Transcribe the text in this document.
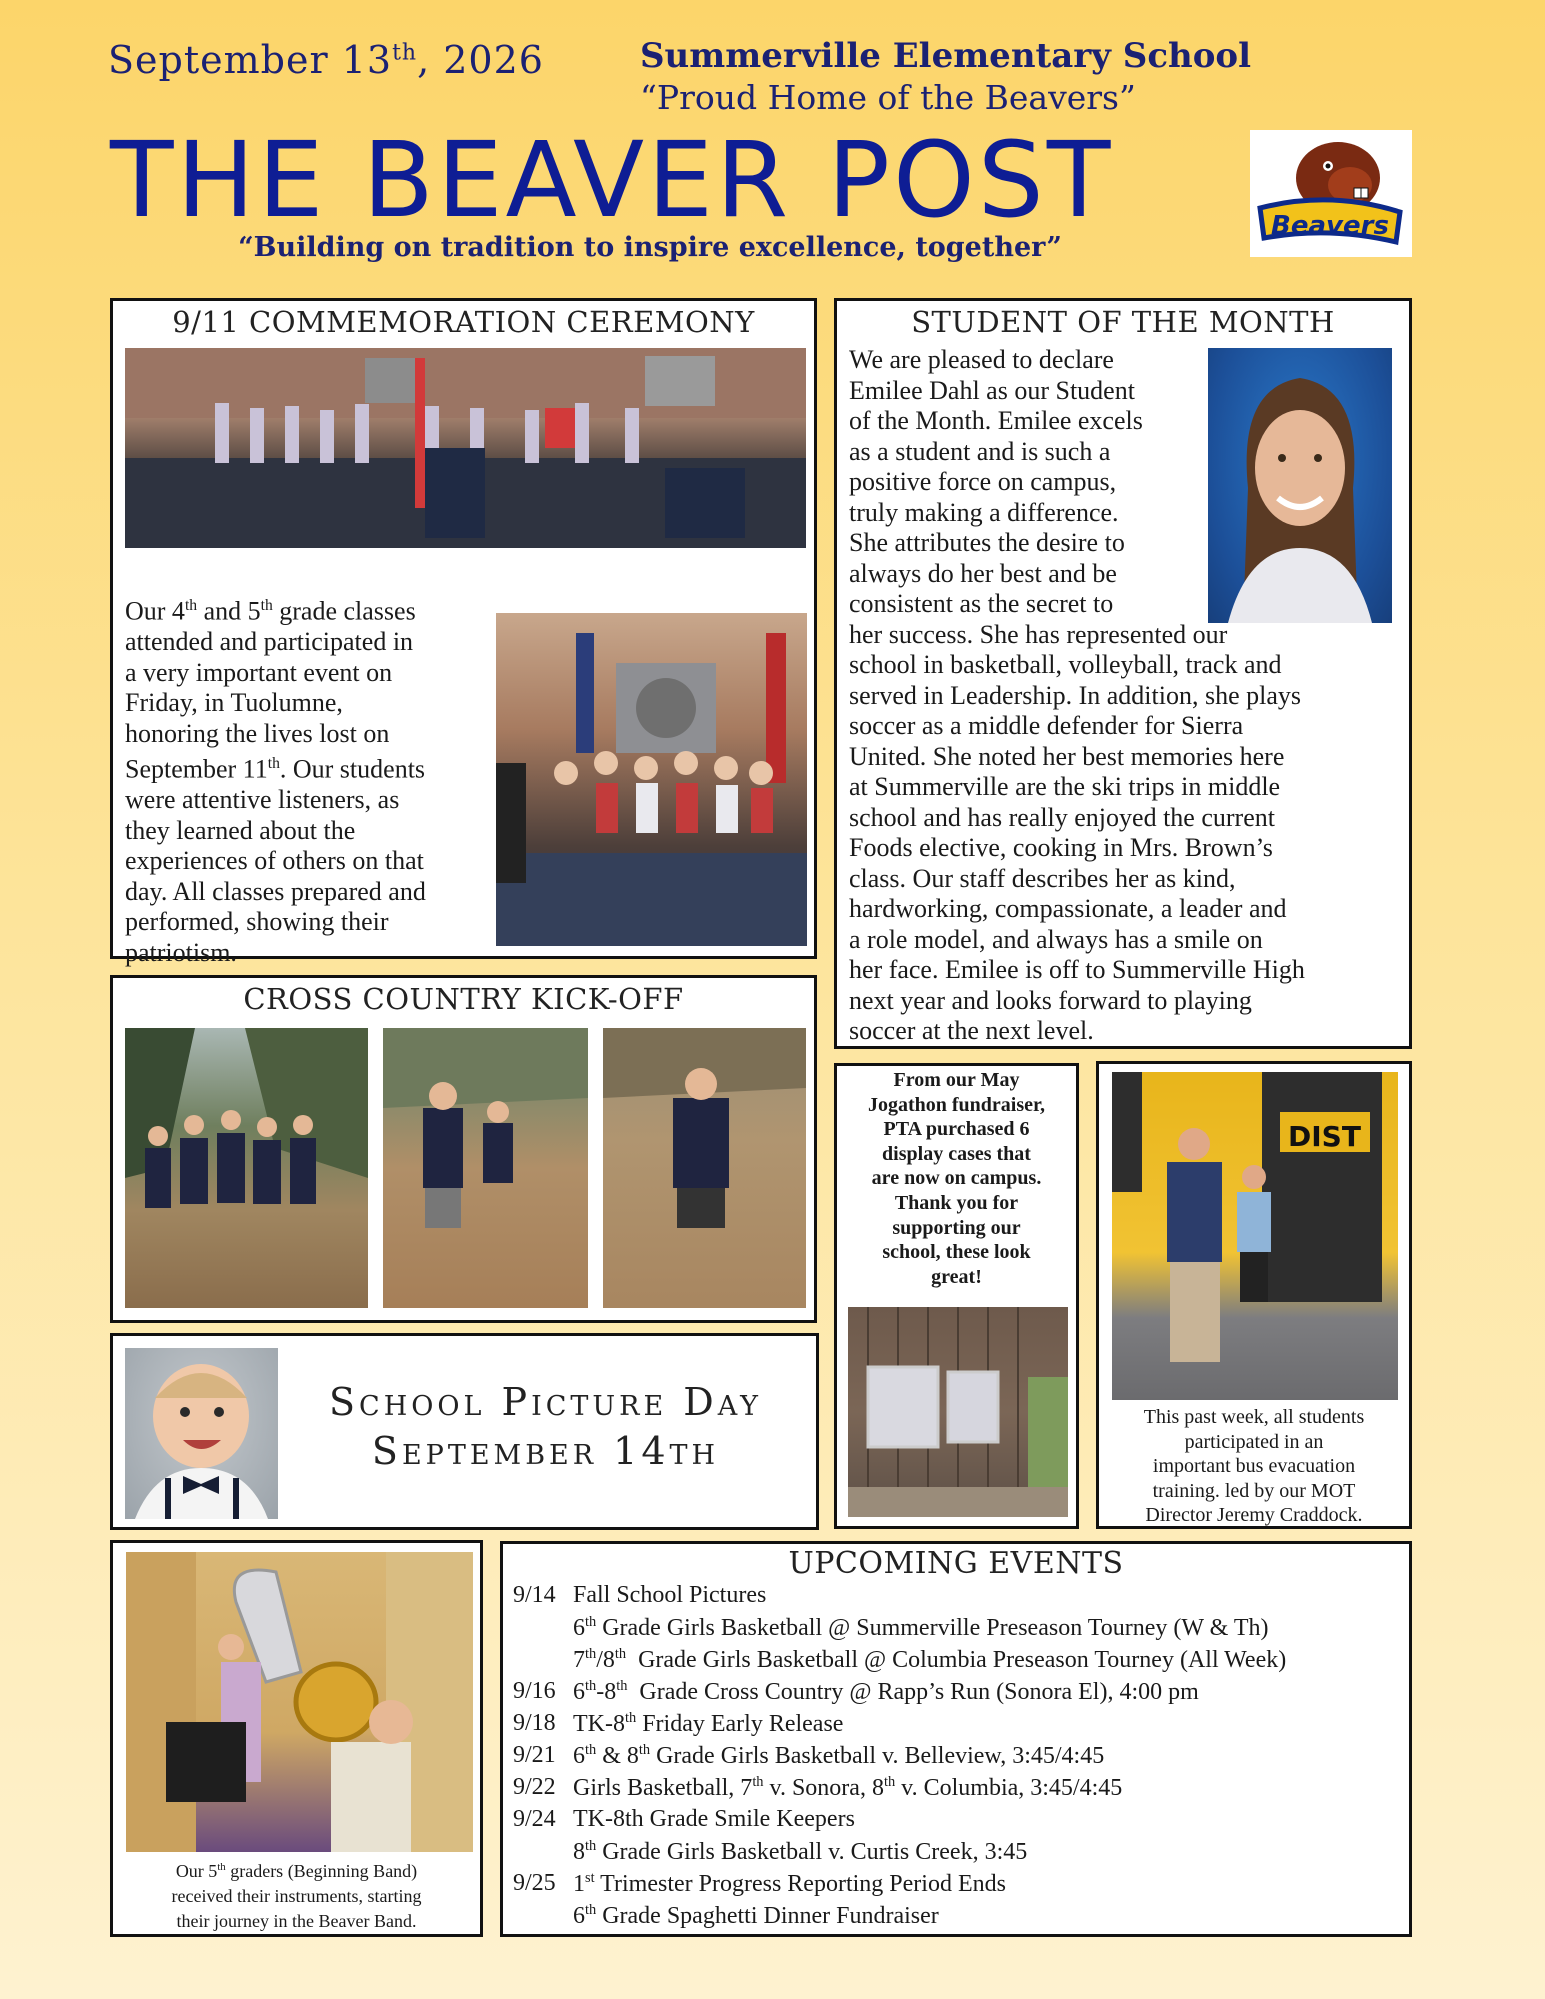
September 13th, 2026	Summerville Elementary School
“Proud Home of the Beavers”
THE BEAVER POST
“Building on tradition to inspire excellence, together”
Beavers
9/11 COMMEMORATION CEREMONY
Our 4th and 5th grade classes
attended and participated in
a very important event on
Friday, in Tuolumne,
honoring the lives lost on
September 11th. Our students
were attentive listeners, as
they learned about the
experiences of others on that
day. All classes prepared and
performed, showing their
patriotism.
STUDENT OF THE MONTH
We are pleased to declare
Emilee Dahl as our Student
of the Month. Emilee excels
as a student and is such a
positive force on campus,
truly making a difference.
She attributes the desire to
always do her best and be
consistent as the secret to
her success. She has represented our
school in basketball, volleyball, track and
served in Leadership. In addition, she plays
soccer as a middle defender for Sierra
United. She noted her best memories here
at Summerville are the ski trips in middle
school and has really enjoyed the current
Foods elective, cooking in Mrs. Brown’s
class. Our staff describes her as kind,
hardworking, compassionate, a leader and
a role model, and always has a smile on
her face. Emilee is off to Summerville High
next year and looks forward to playing
soccer at the next level.
CROSS COUNTRY KICK-OFF
From our May
Jogathon fundraiser,
PTA purchased 6
display cases that
are now on campus.
Thank you for
supporting our
school, these look
great!
DIST
This past week, all students
participated in an
important bus evacuation
training. led by our MOT
Director Jeremy Craddock.
School Picture Day
September 14th
Our 5th graders (Beginning Band)
received their instruments, starting
their journey in the Beaver Band.
UPCOMING EVENTS
9/14 Fall School Pictures
6th Grade Girls Basketball @ Summerville Preseason Tourney (W & Th)
7th/8th  Grade Girls Basketball @ Columbia Preseason Tourney (All Week)
9/16 6th-8th  Grade Cross Country @ Rapp’s Run (Sonora El), 4:00 pm
9/18 TK-8th Friday Early Release
9/21 6th & 8th Grade Girls Basketball v. Belleview, 3:45/4:45
9/22 Girls Basketball, 7th v. Sonora, 8th v. Columbia, 3:45/4:45
9/24 TK-8th Grade Smile Keepers
8th Grade Girls Basketball v. Curtis Creek, 3:45
9/25 1st Trimester Progress Reporting Period Ends
6th Grade Spaghetti Dinner Fundraiser
